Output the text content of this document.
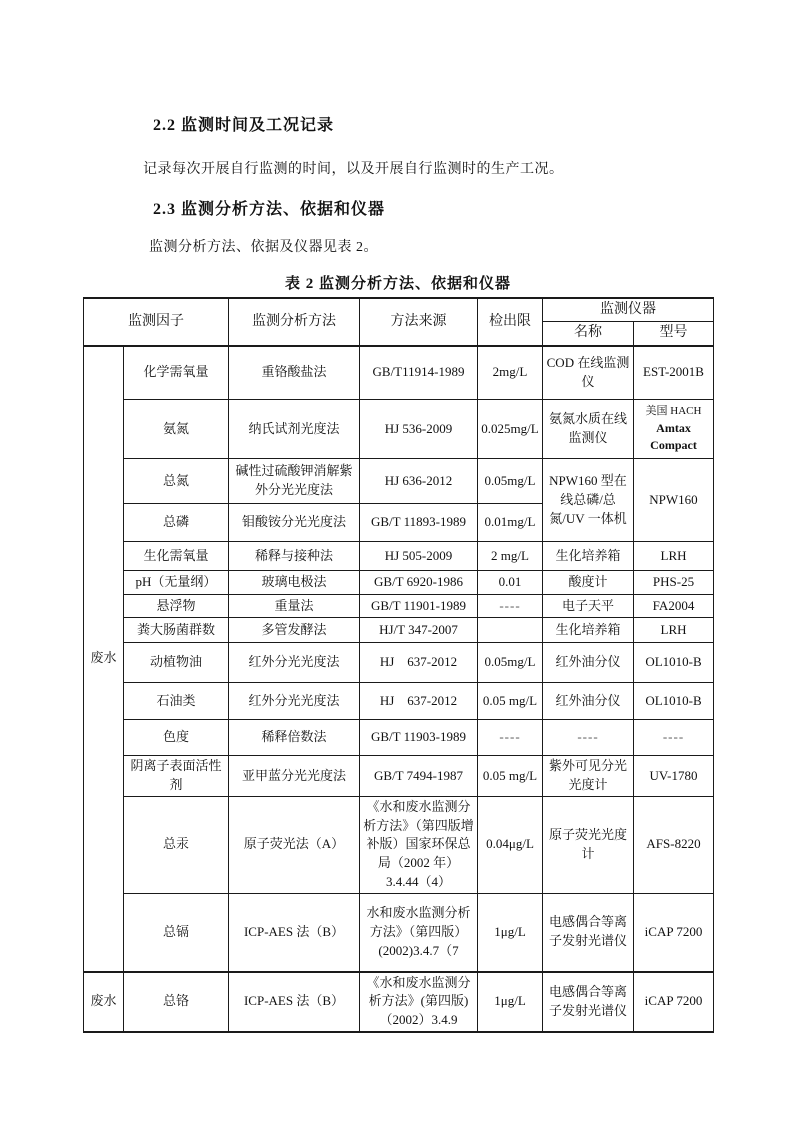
2.2 监测时间及工况记录
记录每次开展自行监测的时间，以及开展自行监测时的生产工况。
2.3 监测分析方法、依据和仪器
监测分析方法、依据及仪器见表 2。
表 2 监测分析方法、依据和仪器
监测因子		监测分析方法	方法来源	检出限	监测仪器	
					名称	型号
废水	化学需氧量	重铬酸盐法	GB/T11914-1989	2mg/L	COD 在线监测仪	EST-2001B
	氨氮	纳氏试剂光度法	HJ 536-2009	0.025mg/L	氨氮水质在线监测仪	美国 HACH
Amtax Compact

	总氮	碱性过硫酸钾消解紫外分光光度法	HJ 636-2012	0.05mg/L	NPW160 型在线总磷/总氮/UV 一体机	NPW160
	总磷	钼酸铵分光光度法	GB/T 11893-1989	0.01mg/L		
	生化需氧量	稀释与接种法	HJ 505-2009	2 mg/L	生化培养箱	LRH
	pH（无量纲）	玻璃电极法	GB/T 6920-1986	0.01	酸度计	PHS-25
	悬浮物	重量法	GB/T 11901-1989	----	电子天平	FA2004
	粪大肠菌群数	多管发酵法	HJ/T 347-2007		生化培养箱	LRH
	动植物油	红外分光光度法	HJ　637-2012	0.05mg/L	红外油分仪	OL1010-B
	石油类	红外分光光度法	HJ　637-2012	0.05 mg/L	红外油分仪	OL1010-B
	色度	稀释倍数法	GB/T 11903-1989	----	----	----
	阴离子表面活性剂	亚甲蓝分光光度法	GB/T 7494-1987	0.05 mg/L	紫外可见分光光度计	UV-1780
	总汞	原子荧光法（A）	《水和废水监测分析方法》（第四版增补版）国家环保总局（2002 年）3.4.44（4）	0.04μg/L	原子荧光光度计	AFS-8220
	总镉	ICP-AES 法（B）	水和废水监测分析方法》（第四版）(2002)3.4.7（7	1μg/L	电感偶合等离子发射光谱仪	iCAP 7200
废水	总铬	ICP-AES 法（B）	《水和废水监测分析方法》(第四版)（2002）3.4.9	1μg/L	电感偶合等离子发射光谱仪	iCAP 7200
